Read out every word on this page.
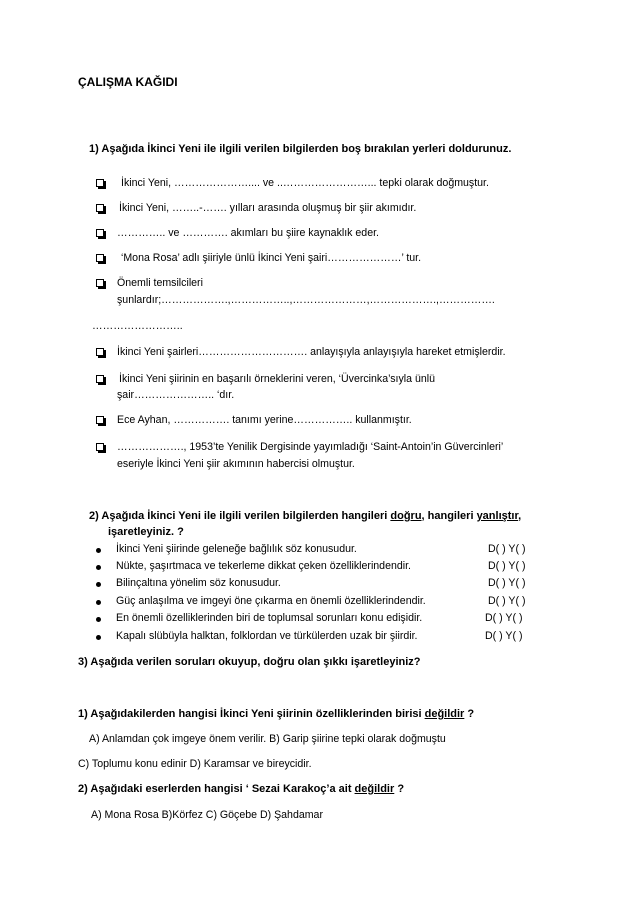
ÇALIŞMA KAĞIDI
1) Aşağıda İkinci Yeni ile ilgili verilen bilgilerden boş bırakılan yerleri doldurunuz.
İkinci Yeni, ………………….... ve ..……………………... tepki olarak doğmuştur.
İkinci Yeni, ……..-……. yılları arasında oluşmuş bir şiir akımıdır.
………….. ve …………. akımları bu şiire kaynaklık eder.
‘Mona Rosa’ adlı şiiriyle ünlü İkinci Yeni şairi…………………’ tur.
Önemli temsilcileri
şunlardır;……………….,……………..,…………………,……………….,…………….
……………………..
İkinci Yeni şairleri…………………………. anlayışıyla anlayışıyla hareket etmişlerdir.
İkinci Yeni şiirinin en başarılı örneklerini veren, ‘Üvercinka’sıyla ünlü
şair………………….. ‘dır.
Ece Ayhan, ……………. tanımı yerine…………….. kullanmıştır.
………………., 1953’te Yenilik Dergisinde yayımladığı ‘Saint-Antoin’in Güvercinleri’
eseriyle İkinci Yeni şiir akımının habercisi olmuştur.
2) Aşağıda İkinci Yeni ile ilgili verilen bilgilerden hangileri doğru, hangileri yanlıştır,
işaretleyiniz. ?
İkinci Yeni şiirinde geleneğe bağlılık söz konusudur.	D( ) Y( )
Nükte, şaşırtmaca ve tekerleme dikkat çeken özelliklerindendir.	D( ) Y( )
Bilinçaltına yönelim söz konusudur.	D( ) Y( )
Güç anlaşılma ve imgeyi öne çıkarma en önemli özelliklerindendir.	D( ) Y( )
En önemli özelliklerinden biri de toplumsal sorunları konu edişidir.	D( ) Y( )
Kapalı slübüyla halktan, folklordan ve türkülerden uzak bir şiirdir.	D( ) Y( )
3) Aşağıda verilen soruları okuyup, doğru olan şıkkı işaretleyiniz?
1) Aşağıdakilerden hangisi İkinci Yeni şiirinin özelliklerinden birisi değildir ?
A) Anlamdan çok imgeye önem verilir. B) Garip şiirine tepki olarak doğmuştu
C) Toplumu konu edinir D) Karamsar ve bireycidir.
2) Aşağıdaki eserlerden hangisi ‘ Sezai Karakoç’a ait değildir ?
A) Mona Rosa B)Körfez C) Göçebe D) Şahdamar
